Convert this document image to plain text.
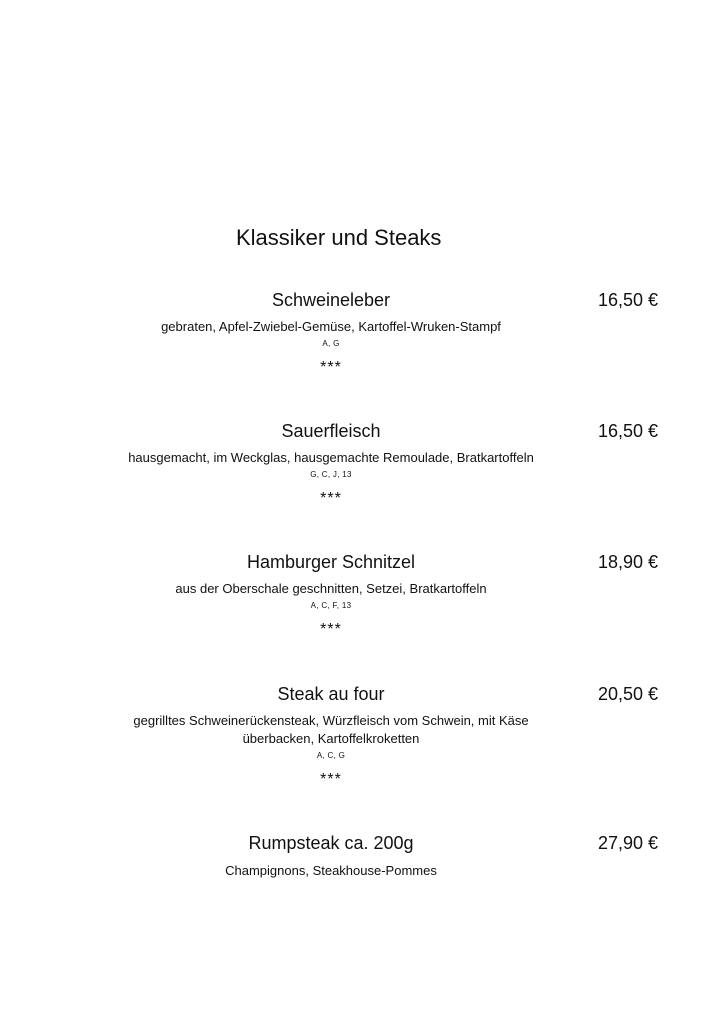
Klassiker und Steaks
Schweineleber	16,50 €
gebraten, Apfel-Zwiebel-Gemüse, Kartoffel-Wruken-Stampf
A, G
***
Sauerfleisch	16,50 €
hausgemacht, im Weckglas, hausgemachte Remoulade, Bratkartoffeln
G, C, J, 13
***
Hamburger Schnitzel	18,90 €
aus der Oberschale geschnitten, Setzei, Bratkartoffeln
A, C, F, 13
***
Steak au four	20,50 €
gegrilltes Schweinerückensteak, Würzfleisch vom Schwein, mit Käse überbacken, Kartoffelkroketten
A, C, G
***
Rumpsteak ca. 200g	27,90 €
Champignons, Steakhouse-Pommes
